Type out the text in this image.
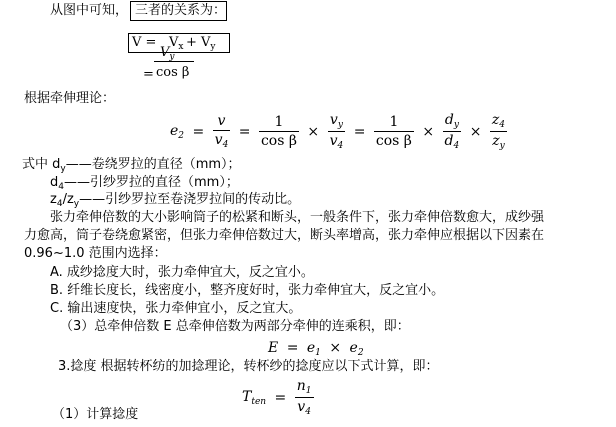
从图中可知， 三者的关系为：
$V = V_x + V_y$
$V_y$
= cos β
根据牵伸理论：
$e_2 = \frac{v}{v_4} = \frac{1}{\text{cos β}} \times \frac{v_y}{v_4} = \frac{1}{\text{cos β}} \times \frac{d_y}{d_4} \times \frac{z_4}{z_y}$
式中 $d_y——$卷绕罗拉的直径（mm）；
$d_4——$引纱罗拉的直径（mm）；
$z_4/z_y——$引纱罗拉至卷浇罗拉间的传动比。
张力牵伸倍数的大小影响筒子的松紧和断头，一般条件下，张力牵伸倍数愈大，成纱强
力愈高，筒子卷绕愈紧密，但张力牵伸倍数过大，断头率增高，张力牵伸应根据以下因素在
0.96~1.0 范围内选择：
A. 成纱捻度大时，张力牵伸宜大，反之宜小。
B. 纤维长度长，线密度小，整齐度好时，张力牵伸宜大，反之宜小。
C. 输出速度快，张力牵伸宜小，反之宜大。
（3）总牵伸倍数 E 总牵伸倍数为两部分牵伸的连乘积，即：
$E = e_1 \times e_2$
3.捻度 根据转杯纺的加捻理论，转杯纱的捻度应以下式计算，即：
$T_{ten} = \frac{n_1}{v_4}$
（1）计算捻度
